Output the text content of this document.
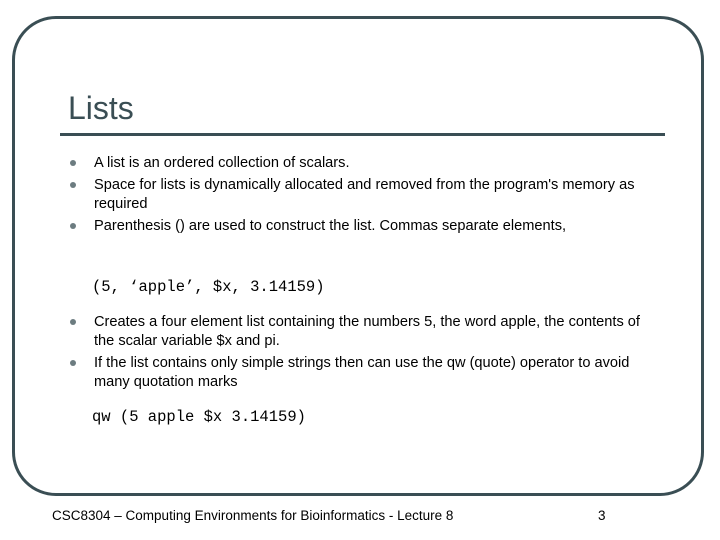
Lists
A list is an ordered collection of scalars.
Space for lists is dynamically allocated and removed from the program's memory as required
Parenthesis () are used to construct the list. Commas separate elements,
(5, ‘apple’, $x, 3.14159)
Creates a four element list containing the numbers 5, the word apple, the contents of the scalar variable $x and pi.
If the list contains only simple strings then can use the qw (quote) operator to avoid many quotation marks
qw (5 apple $x 3.14159)
CSC8304 – Computing Environments for Bioinformatics - Lecture 8	3
